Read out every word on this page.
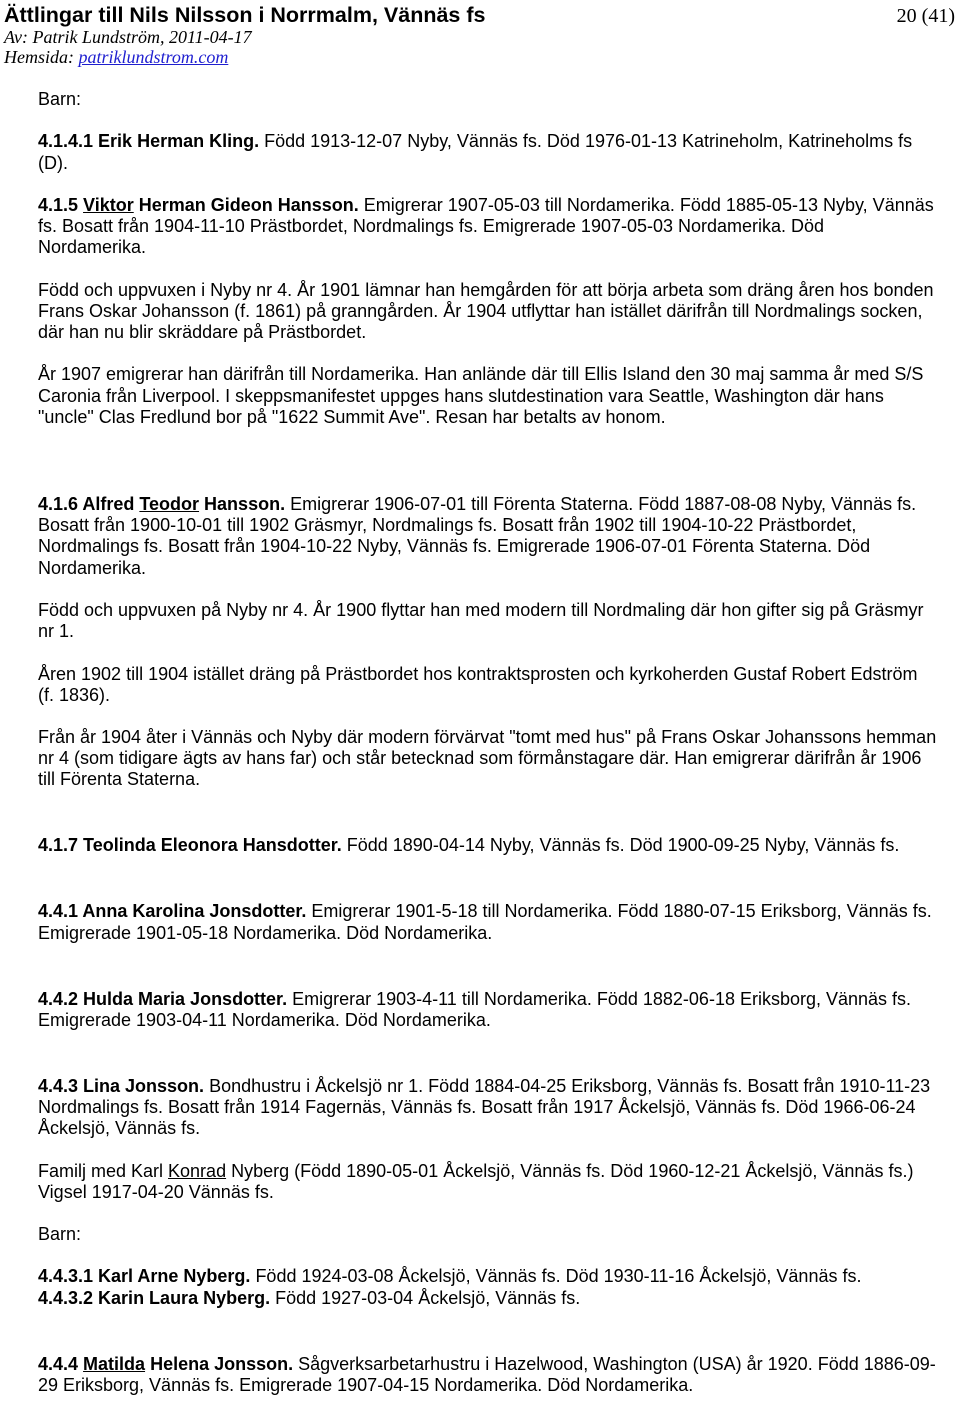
Ättlingar till Nils Nilsson i Norrmalm, Vännäs fs	20 (41)
Av: Patrik Lundström, 2011-04-17
Hemsida: patriklundstrom.com
Barn:
4.1.4.1 Erik Herman Kling. Född 1913-12-07 Nyby, Vännäs fs. Död 1976-01-13 Katrineholm, Katrineholms fs
(D).
4.1.5 Viktor Herman Gideon Hansson. Emigrerar 1907-05-03 till Nordamerika. Född 1885-05-13 Nyby, Vännäs
fs. Bosatt från 1904-11-10 Prästbordet, Nordmalings fs. Emigrerade 1907-05-03 Nordamerika. Död
Nordamerika.
Född och uppvuxen i Nyby nr 4. År 1901 lämnar han hemgården för att börja arbeta som dräng åren hos bonden
Frans Oskar Johansson (f. 1861) på granngården. År 1904 utflyttar han istället därifrån till Nordmalings socken,
där han nu blir skräddare på Prästbordet.
År 1907 emigrerar han därifrån till Nordamerika. Han anlände där till Ellis Island den 30 maj samma år med S/S
Caronia från Liverpool. I skeppsmanifestet uppges hans slutdestination vara Seattle, Washington där hans
"uncle" Clas Fredlund bor på "1622 Summit Ave". Resan har betalts av honom.
4.1.6 Alfred Teodor Hansson. Emigrerar 1906-07-01 till Förenta Staterna. Född 1887-08-08 Nyby, Vännäs fs.
Bosatt från 1900-10-01 till 1902 Gräsmyr, Nordmalings fs. Bosatt från 1902 till 1904-10-22 Prästbordet,
Nordmalings fs. Bosatt från 1904-10-22 Nyby, Vännäs fs. Emigrerade 1906-07-01 Förenta Staterna. Död
Nordamerika.
Född och uppvuxen på Nyby nr 4. År 1900 flyttar han med modern till Nordmaling där hon gifter sig på Gräsmyr
nr 1.
Åren 1902 till 1904 istället dräng på Prästbordet hos kontraktsprosten och kyrkoherden Gustaf Robert Edström
(f. 1836).
Från år 1904 åter i Vännäs och Nyby där modern förvärvat "tomt med hus" på Frans Oskar Johanssons hemman
nr 4 (som tidigare ägts av hans far) och står betecknad som förmånstagare där. Han emigrerar därifrån år 1906
till Förenta Staterna.
4.1.7 Teolinda Eleonora Hansdotter. Född 1890-04-14 Nyby, Vännäs fs. Död 1900-09-25 Nyby, Vännäs fs.
4.4.1 Anna Karolina Jonsdotter. Emigrerar 1901-5-18 till Nordamerika. Född 1880-07-15 Eriksborg, Vännäs fs.
Emigrerade 1901-05-18 Nordamerika. Död Nordamerika.
4.4.2 Hulda Maria Jonsdotter. Emigrerar 1903-4-11 till Nordamerika. Född 1882-06-18 Eriksborg, Vännäs fs.
Emigrerade 1903-04-11 Nordamerika. Död Nordamerika.
4.4.3 Lina Jonsson. Bondhustru i Åckelsjö nr 1. Född 1884-04-25 Eriksborg, Vännäs fs. Bosatt från 1910-11-23
Nordmalings fs. Bosatt från 1914 Fagernäs, Vännäs fs. Bosatt från 1917 Åckelsjö, Vännäs fs. Död 1966-06-24
Åckelsjö, Vännäs fs.
Familj med Karl Konrad Nyberg (Född 1890-05-01 Åckelsjö, Vännäs fs. Död 1960-12-21 Åckelsjö, Vännäs fs.)
Vigsel 1917-04-20 Vännäs fs.
Barn:
4.4.3.1 Karl Arne Nyberg. Född 1924-03-08 Åckelsjö, Vännäs fs. Död 1930-11-16 Åckelsjö, Vännäs fs.
4.4.3.2 Karin Laura Nyberg. Född 1927-03-04 Åckelsjö, Vännäs fs.
4.4.4 Matilda Helena Jonsson. Sågverksarbetarhustru i Hazelwood, Washington (USA) år 1920. Född 1886-09-
29 Eriksborg, Vännäs fs. Emigrerade 1907-04-15 Nordamerika. Död Nordamerika.
